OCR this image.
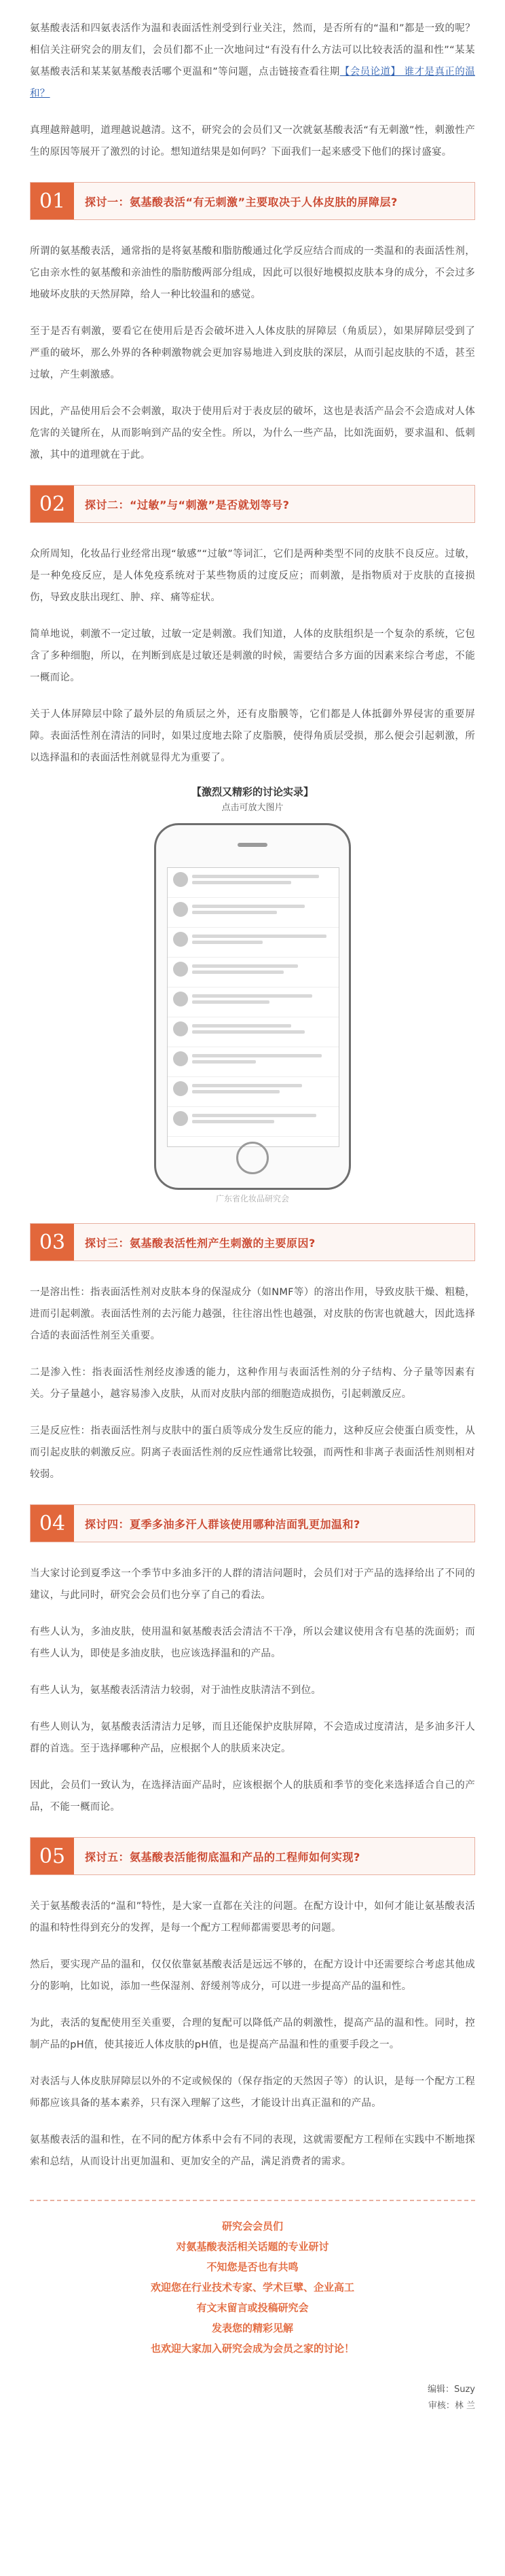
氨基酸表活和四氨表活作为温和表面活性剂受到行业关注，然而，是否所有的“温和”都是一致的呢？相信关注研究会的朋友们，会员们都不止一次地问过“有没有什么方法可以比较表活的温和性”“某某氨基酸表活和某某氨基酸表活哪个更温和”等问题，点击链接查看往期【会员论道】 谁才是真正的温和？

真理越辩越明，道理越说越清。这不，研究会的会员们又一次就氨基酸表活“有无刺激”性，刺激性产生的原因等展开了激烈的讨论。想知道结果是如何吗？下面我们一起来感受下他们的探讨盛宴。

01	探讨一：氨基酸表活“有无刺激”主要取决于人体皮肤的屏障层?

所谓的氨基酸表活，通常指的是将氨基酸和脂肪酸通过化学反应结合而成的一类温和的表面活性剂，它由亲水性的氨基酸和亲油性的脂肪酸两部分组成，因此可以很好地模拟皮肤本身的成分，不会过多地破坏皮肤的天然屏障，给人一种比较温和的感觉。

至于是否有刺激，要看它在使用后是否会破坏进入人体皮肤的屏障层（角质层），如果屏障层受到了严重的破坏，那么外界的各种刺激物就会更加容易地进入到皮肤的深层，从而引起皮肤的不适，甚至过敏，产生刺激感。

因此，产品使用后会不会刺激，取决于使用后对于表皮层的破坏，这也是表活产品会不会造成对人体危害的关键所在，从而影响到产品的安全性。所以，为什么一些产品，比如洗面奶，要求温和、低刺激，其中的道理就在于此。

02	探讨二：“过敏”与“刺激”是否就划等号?

众所周知，化妆品行业经常出现“敏感”“过敏”等词汇，它们是两种类型不同的皮肤不良反应。过敏，是一种免疫反应，是人体免疫系统对于某些物质的过度反应；而刺激，是指物质对于皮肤的直接损伤，导致皮肤出现红、肿、痒、痛等症状。

简单地说，刺激不一定过敏，过敏一定是刺激。我们知道，人体的皮肤组织是一个复杂的系统，它包含了多种细胞，所以，在判断到底是过敏还是刺激的时候，需要结合多方面的因素来综合考虑，不能一概而论。

关于人体屏障层中除了最外层的角质层之外，还有皮脂膜等，它们都是人体抵御外界侵害的重要屏障。表面活性剂在清洁的同时，如果过度地去除了皮脂膜，使得角质层受损，那么便会引起刺激，所以选择温和的表面活性剂就显得尤为重要了。

【激烈又精彩的讨论实录】
点击可放大图片
广东省化妆品研究会
03	探讨三：氨基酸表活性剂产生刺激的主要原因?

一是溶出性：指表面活性剂对皮肤本身的保湿成分（如NMF等）的溶出作用，导致皮肤干燥、粗糙，进而引起刺激。表面活性剂的去污能力越强，往往溶出性也越强，对皮肤的伤害也就越大，因此选择合适的表面活性剂至关重要。

二是渗入性：指表面活性剂经皮渗透的能力，这种作用与表面活性剂的分子结构、分子量等因素有关。分子量越小，越容易渗入皮肤，从而对皮肤内部的细胞造成损伤，引起刺激反应。

三是反应性：指表面活性剂与皮肤中的蛋白质等成分发生反应的能力，这种反应会使蛋白质变性，从而引起皮肤的刺激反应。阴离子表面活性剂的反应性通常比较强，而两性和非离子表面活性剂则相对较弱。

04	探讨四：夏季多油多汗人群该使用哪种洁面乳更加温和?

当大家讨论到夏季这一个季节中多油多汗的人群的清洁问题时，会员们对于产品的选择给出了不同的建议，与此同时，研究会会员们也分享了自己的看法。

有些人认为，多油皮肤，使用温和氨基酸表活会清洁不干净，所以会建议使用含有皂基的洗面奶；而有些人认为，即使是多油皮肤，也应该选择温和的产品。

有些人认为，氨基酸表活清洁力较弱，对于油性皮肤清洁不到位。

有些人则认为，氨基酸表活清洁力足够，而且还能保护皮肤屏障，不会造成过度清洁，是多油多汗人群的首选。至于选择哪种产品，应根据个人的肤质来决定。

因此，会员们一致认为，在选择洁面产品时，应该根据个人的肤质和季节的变化来选择适合自己的产品，不能一概而论。

05	探讨五：氨基酸表活能彻底温和产品的工程师如何实现?

关于氨基酸表活的“温和”特性，是大家一直都在关注的问题。在配方设计中，如何才能让氨基酸表活的温和特性得到充分的发挥，是每一个配方工程师都需要思考的问题。

然后，要实现产品的温和，仅仅依靠氨基酸表活是远远不够的，在配方设计中还需要综合考虑其他成分的影响，比如说，添加一些保湿剂、舒缓剂等成分，可以进一步提高产品的温和性。

为此，表活的复配使用至关重要，合理的复配可以降低产品的刺激性，提高产品的温和性。同时，控制产品的pH值，使其接近人体皮肤的pH值，也是提高产品温和性的重要手段之一。

对表活与人体皮肤屏障层以外的不定或候保的（保存指定的天然因子等）的认识，是每一个配方工程师都应该具备的基本素养，只有深入理解了这些，才能设计出真正温和的产品。

氨基酸表活的温和性，在不同的配方体系中会有不同的表现，这就需要配方工程师在实践中不断地探索和总结，从而设计出更加温和、更加安全的产品，满足消费者的需求。

研究会会员们
对氨基酸表活相关话题的专业研讨
不知您是否也有共鸣
欢迎您在行业技术专家、学术巨擘、企业高工
有文末留言或投稿研究会
发表您的精彩见解
也欢迎大家加入研究会成为会员之家的讨论！
编辑：Suzy
审核：林 兰
